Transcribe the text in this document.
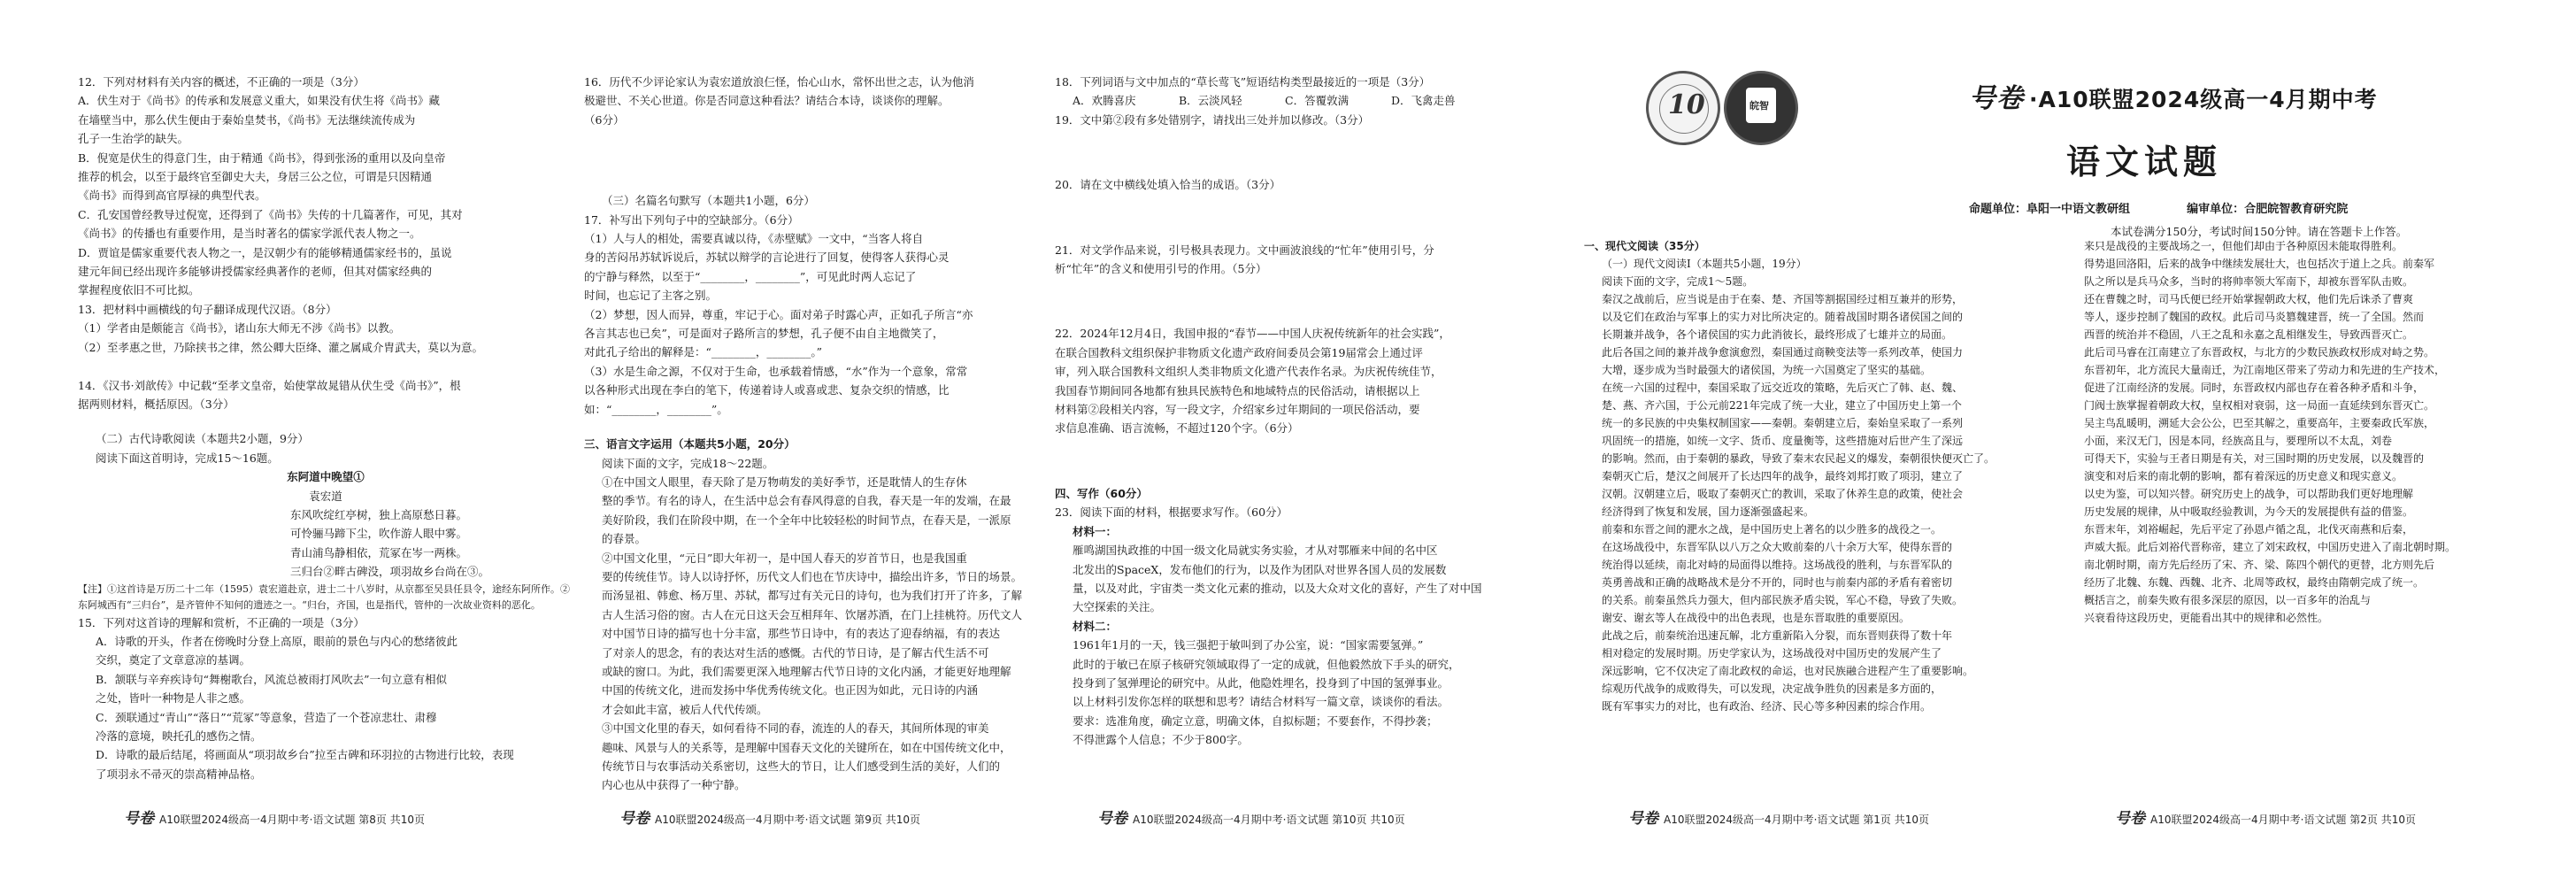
12．下列对材料有关内容的概述，不正确的一项是（3分）

A．伏生对于《尚书》的传承和发展意义重大，如果没有伏生将《尚书》藏

在墙壁当中，那么伏生便由于秦始皇焚书，《尚书》无法继续流传成为

孔子一生治学的缺失。

B．倪宽是伏生的得意门生，由于精通《尚书》，得到张汤的重用以及向皇帝

推荐的机会，以至于最终官至御史大夫，身居三公之位，可谓是只因精通

《尚书》而得到高官厚禄的典型代表。

C．孔安国曾经教导过倪宽，还得到了《尚书》失传的十几篇著作，可见，其对

《尚书》的传播也有重要作用，是当时著名的儒家学派代表人物之一。

D．贾谊是儒家重要代表人物之一，是汉朝少有的能够精通儒家经书的，虽说

建元年间已经出现许多能够讲授儒家经典著作的老师，但其对儒家经典的

掌握程度依旧不可比拟。

13．把材料中画横线的句子翻译成现代汉语。（8分）

（1）学者由是颇能言《尚书》，诸山东大师无不涉《尚书》以教。

（2）至孝惠之世，乃除挟书之律，然公卿大臣绛、灌之属咸介胄武夫，莫以为意。

14．《汉书·刘歆传》中记载“至孝文皇帝，始使掌故晁错从伏生受《尚书》”，根

据两则材料，概括原因。（3分）

（二）古代诗歌阅读（本题共2小题，9分）

阅读下面这首明诗，完成15～16题。

东阿道中晚望①

袁宏道

东风吹绽红亭树，独上高原愁日暮。

可怜骊马蹄下尘，吹作游人眼中雾。

青山浦鸟静相依，荒冢在岑一两株。

三归台②畔古碑没，项羽故乡台尚在③。

【注】①这首诗是万历二十二年（1595）袁宏道赴京，进士二十八岁时，从京都至吴县任县令，途经东阿所作。②东阿城西有“三归台”，是齐管仲不知何的遗迹之一。“归台，齐国，也是指代，管仲的一次故业资料的恶化。

15．下列对这首诗的理解和赏析，不正确的一项是（3分）

A．诗歌的开头，作者在傍晚时分登上高原，眼前的景色与内心的愁绪彼此

交织，奠定了文章意凉的基调。

B．颔联与辛弃疾诗句“舞榭歌台，风流总被雨打风吹去”一句立意有相似

之处，皆叶一种物是人非之感。

C．颈联通过“青山”“落日”“荒冢”等意象，营造了一个苍凉悲壮、肃穆

冷落的意境，映托孔的感伤之情。

D．诗歌的最后结尾，将画面从“项羽故乡台”拉至古碑和环羽拉的古物进行比较，表现

了项羽永不帚灭的崇高精神品格。

号卷 A10联盟2024级高一4月期中考·语文试题 第8页 共10页

16．历代不少评论家认为袁宏道放浪仨怪，怡心山水，常怀出世之志，认为他消

极避世、不关心世道。你是否同意这种看法？请结合本诗，谈谈你的理解。

（6分）

（三）名篇名句默写（本题共1小题，6分）

17．补写出下列句子中的空缺部分。（6分）

（1）人与人的相处，需要真诚以待，《赤壁赋》一文中，“当客人将自

身的苦闷吊苏轼诉说后，苏轼以辩学的言论进行了回复，使得客人获得心灵

的宁静与释然，以至于“________，________”，可见此时两人忘记了

时间，也忘记了主客之别。

（2）梦想，因人而异，尊重，牢记于心。面对弟子时露心声，正如孔子所言“亦

各言其志也已矣”，可是面对子路所言的梦想，孔子便不由自主地微笑了，

对此孔子给出的解释是：“________，________。”

（3）水是生命之源，不仅对于生命，也承载着情感，“水”作为一个意象，常常

以各种形式出现在李白的笔下，传递着诗人或喜或悲、复杂交织的情感，比

如：“________，________”。

三、语言文字运用（本题共5小题，20分）

阅读下面的文字，完成18～22题。

①在中国文人眼里，春天除了是万物萌发的美好季节，还是耽情人的生存休

整的季节。有名的诗人，在生活中总会有春风得意的自我，春天是一年的发端，在最

美好阶段，我们在阶段中期，在一个全年中比较轻松的时间节点，在春天是，一派原

的春景。

②中国文化里，“元日”即大年初一，是中国人春天的岁首节日，也是我国重

要的传统佳节。诗人以诗抒怀，历代文人们也在节庆诗中，描绘出许多，节日的场景。

而汤显祖、韩愈、杨万里、苏轼，都写过有关元日的诗句，也为我们打开了许多，了解

古人生活习俗的窗。古人在元日这天会互相拜年、饮屠苏酒，在门上挂桃符。历代文人

对中国节日诗的描写也十分丰富，那些节日诗中，有的表达了迎春纳福，有的表达

了对亲人的思念，有的表达对生活的感慨。古代的节日诗，是了解古代生活不可

或缺的窗口。为此，我们需要更深入地理解古代节日诗的文化内涵，才能更好地理解

中国的传统文化，进而发扬中华优秀传统文化。也正因为如此，元日诗的内涵

才会如此丰富，被后人代代传颂。

③中国文化里的春天，如何看待不同的春，流连的人的春天，其间所体现的审美

趣味、风景与人的关系等，是理解中国春天文化的关键所在，如在中国传统文化中，

传统节日与农事活动关系密切，这些大的节日，让人们感受到生活的美好，人们的

内心也从中获得了一种宁静。

号卷 A10联盟2024级高一4月期中考·语文试题 第9页 共10页

18．下列词语与文中加点的“草长莺飞”短语结构类型最接近的一项是（3分）

A．欢腾喜庆	B．云淡风轻	C．答覆敦满	D．飞禽走兽

19．文中第②段有多处错别字，请找出三处并加以修改。（3分）

20．请在文中横线处填入恰当的成语。（3分）

21．对文学作品来说，引号极具表现力。文中画波浪线的“忙年”使用引号，分

析“忙年”的含义和使用引号的作用。（5分）

22．2024年12月4日，我国申报的“春节——中国人庆祝传统新年的社会实践”，

在联合国教科文组织保护非物质文化遗产政府间委员会第19届常会上通过评

审，列入联合国教科文组织人类非物质文化遗产代表作名录。为庆祝传统佳节，

我国春节期间同各地都有独具民族特色和地域特点的民俗活动，请根据以上

材料第②段相关内容，写一段文字，介绍家乡过年期间的一项民俗活动，要

求信息准确、语言流畅，不超过120个字。（6分）

四、写作（60分）

23．阅读下面的材料，根据要求写作。（60分）

材料一：

雁鸣湖国执政推的中国一级文化局就实务实验，才从对鄂雁来中间的名中区

北发出的SpaceX，发布他们的行为，以及作为团队对世界各国人员的发展数

量，以及对此，宇宙类一类文化元素的推动，以及大众对文化的喜好，产生了对中国

大空探索的关注。

材料二：

1961年1月的一天，钱三强把于敏叫到了办公室，说：“国家需要氢弹。”

此时的于敏已在原子核研究领域取得了一定的成就，但他毅然放下手头的研究，

投身到了氢弹理论的研究中。从此，他隐姓埋名，投身到了中国的氢弹事业。

以上材料引发你怎样的联想和思考？请结合材料写一篇文章，谈谈你的看法。

要求：选准角度，确定立意，明确文体，自拟标题；不要套作，不得抄袭；

不得泄露个人信息；不少于800字。

号卷 A10联盟2024级高一4月期中考·语文试题 第10页 共10页
10	皖智	号卷 ·A10联盟2024级高一4月期中考
语文试题
命题单位：阜阳一中语文教研组	编审单位：合肥皖智教育研究院
本试卷满分150分，考试时间150分钟。请在答题卡上作答。

一、现代文阅读（35分）

（一）现代文阅读Ⅰ（本题共5小题，19分）

阅读下面的文字，完成1～5题。

秦汉之战前后，应当说是由于在秦、楚、齐国等割据国经过相互兼并的形势，

以及它们在政治与军事上的实力对比所决定的。随着战国时期各诸侯国之间的

长期兼并战争，各个诸侯国的实力此消彼长，最终形成了七雄并立的局面。

此后各国之间的兼并战争愈演愈烈，秦国通过商鞅变法等一系列改革，使国力

大增，逐步成为当时最强大的诸侯国，为统一六国奠定了坚实的基础。

在统一六国的过程中，秦国采取了远交近攻的策略，先后灭亡了韩、赵、魏、

楚、燕、齐六国，于公元前221年完成了统一大业，建立了中国历史上第一个

统一的多民族的中央集权制国家——秦朝。秦朝建立后，秦始皇采取了一系列

巩固统一的措施，如统一文字、货币、度量衡等，这些措施对后世产生了深远

的影响。然而，由于秦朝的暴政，导致了秦末农民起义的爆发，秦朝很快便灭亡了。

秦朝灭亡后，楚汉之间展开了长达四年的战争，最终刘邦打败了项羽，建立了

汉朝。汉朝建立后，吸取了秦朝灭亡的教训，采取了休养生息的政策，使社会

经济得到了恢复和发展，国力逐渐强盛起来。

前秦和东晋之间的淝水之战，是中国历史上著名的以少胜多的战役之一。

在这场战役中，东晋军队以八万之众大败前秦的八十余万大军，使得东晋的

统治得以延续，南北对峙的局面得以维持。这场战役的胜利，与东晋军队的

英勇善战和正确的战略战术是分不开的，同时也与前秦内部的矛盾有着密切

的关系。前秦虽然兵力强大，但内部民族矛盾尖锐，军心不稳，导致了失败。

谢安、谢玄等人在战役中的出色表现，也是东晋取胜的重要原因。

此战之后，前秦统治迅速瓦解，北方重新陷入分裂，而东晋则获得了数十年

相对稳定的发展时期。历史学家认为，这场战役对中国历史的发展产生了

深远影响，它不仅决定了南北政权的命运，也对民族融合进程产生了重要影响。

综观历代战争的成败得失，可以发现，决定战争胜负的因素是多方面的，

既有军事实力的对比，也有政治、经济、民心等多种因素的综合作用。

号卷 A10联盟2024级高一4月期中考·语文试题 第1页 共10页

来只是战役的主要战场之一，但他们却由于各种原因未能取得胜利。

得势退回洛阳，后来的战争中继续发展壮大，也包括次于道上之兵。前秦军

队之所以是兵马众多，当时的将帅率领大军南下，却被东晋军队击败。

还在曹魏之时，司马氏便已经开始掌握朝政大权，他们先后诛杀了曹爽

等人，逐步控制了魏国的政权。此后司马炎篡魏建晋，统一了全国。然而

西晋的统治并不稳固，八王之乱和永嘉之乱相继发生，导致西晋灭亡。

此后司马睿在江南建立了东晋政权，与北方的少数民族政权形成对峙之势。

东晋初年，北方流民大量南迁，为江南地区带来了劳动力和先进的生产技术，

促进了江南经济的发展。同时，东晋政权内部也存在着各种矛盾和斗争，

门阀士族掌握着朝政大权，皇权相对衰弱，这一局面一直延续到东晋灭亡。

吴主鸟乱暖明，溯延大会公公，巴至其解之，重要高年，主要秦政氏军族，

小面，来汉无门，因是本同，经族高且与，要理所以不太乱，刘卷

可得天下，实验与王者日期是有关，对三国时期的历史发展，以及魏晋的

演变和对后来的南北朝的影响，都有着深远的历史意义和现实意义。

以史为鉴，可以知兴替。研究历史上的战争，可以帮助我们更好地理解

历史发展的规律，从中吸取经验教训，为今天的发展提供有益的借鉴。

东晋末年，刘裕崛起，先后平定了孙恩卢循之乱，北伐灭南燕和后秦，

声威大振。此后刘裕代晋称帝，建立了刘宋政权，中国历史进入了南北朝时期。

南北朝时期，南方先后经历了宋、齐、梁、陈四个朝代的更替，北方则先后

经历了北魏、东魏、西魏、北齐、北周等政权，最终由隋朝完成了统一。

概括言之，前秦失败有很多深层的原因，以一百多年的治乱与

兴衰看待这段历史，更能看出其中的规律和必然性。

号卷 A10联盟2024级高一4月期中考·语文试题 第2页 共10页
